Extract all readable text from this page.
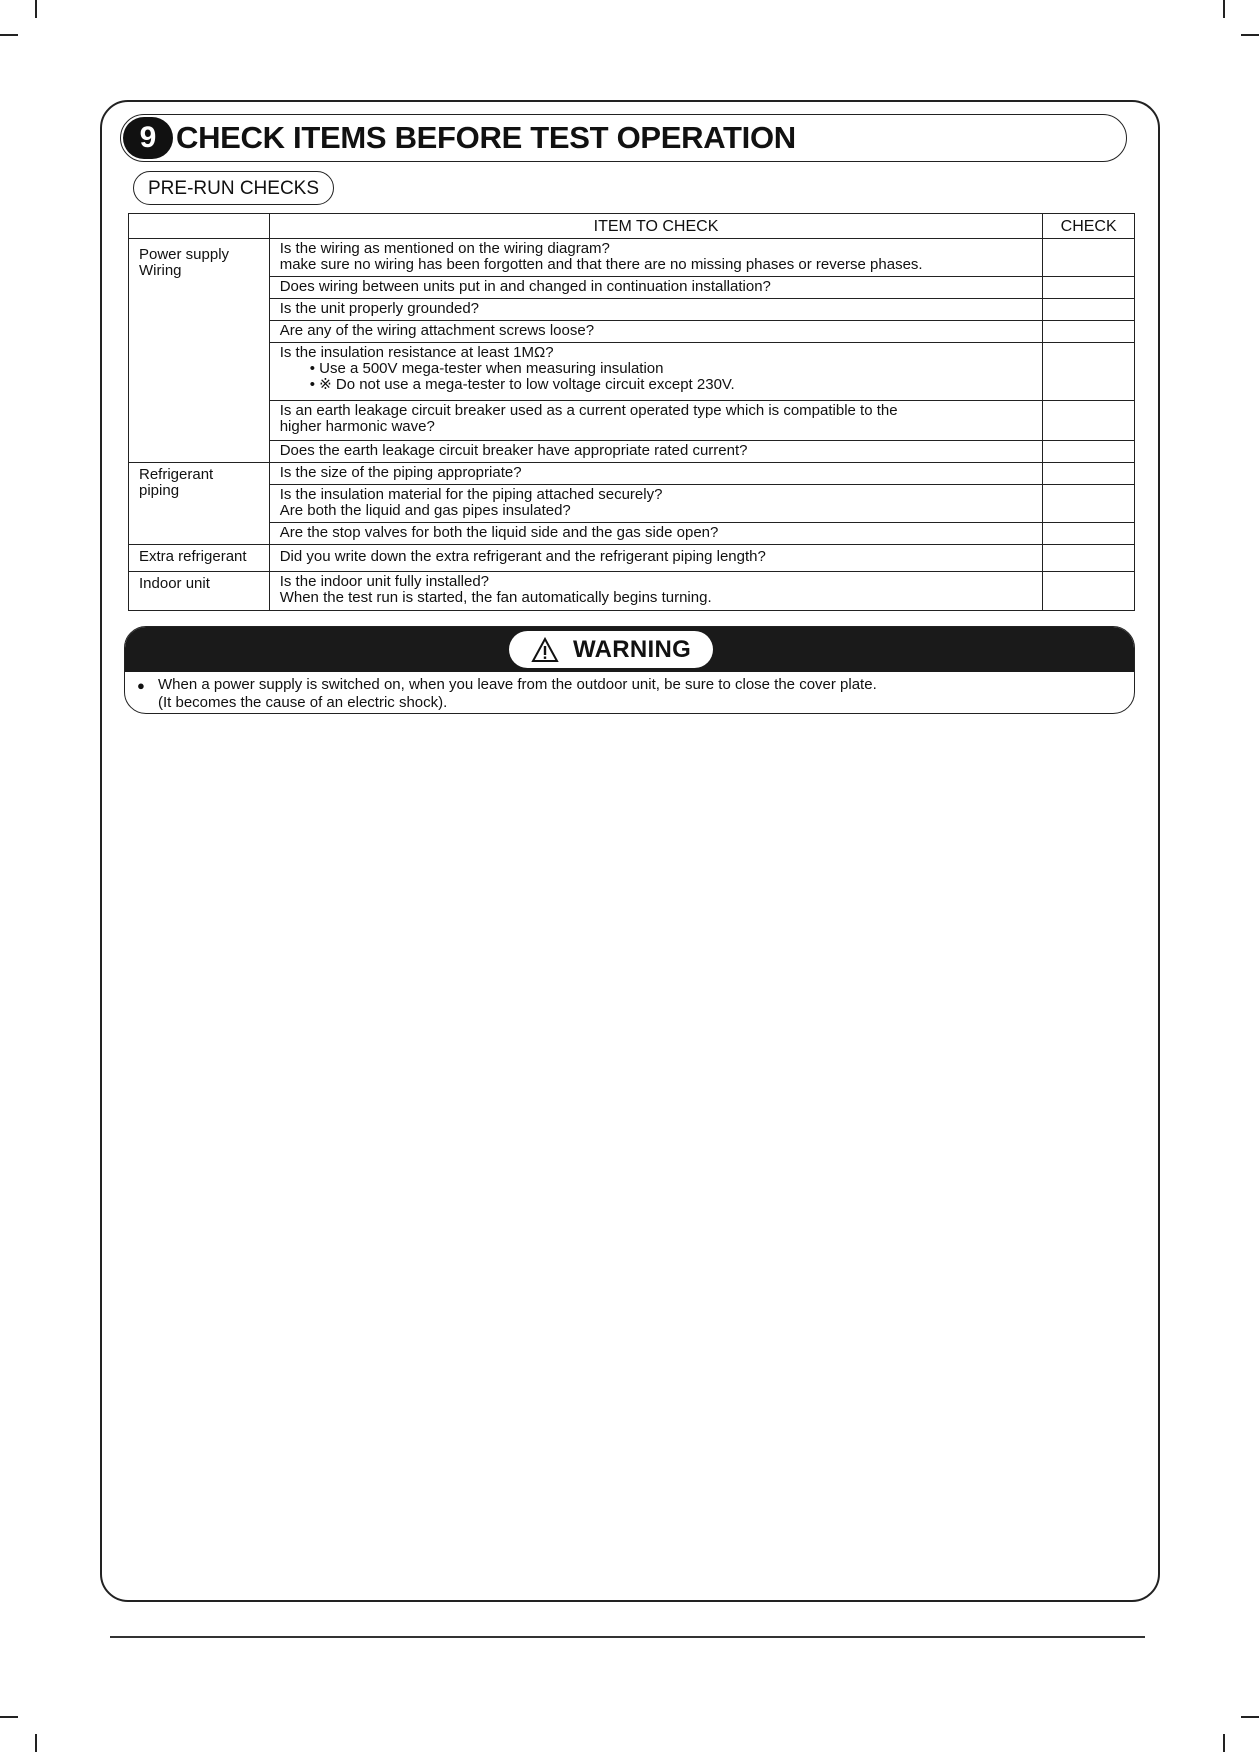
9 CHECK ITEMS BEFORE TEST OPERATION
PRE-RUN CHECKS
	ITEM TO CHECK	CHECK

Power supply
Wiring	Is the wiring as mentioned on the wiring diagram?
make sure no wiring has been forgotten and that there are no missing phases or reverse phases.	

	Does wiring between units put in and changed in continuation installation?	

	Is the unit properly grounded?	

	Are any of the wiring attachment screws loose?	

	Is the insulation resistance at least 1MΩ?
• Use a 500V mega-tester when measuring insulation
• ※ Do not use a mega-tester to low voltage circuit except 230V.	

	Is an earth leakage circuit breaker used as a current operated type which is compatible to the
higher harmonic wave?	

	Does the earth leakage circuit breaker have appropriate rated current?	

Refrigerant
piping	Is the size of the piping appropriate?	

	Is the insulation material for the piping attached securely?
Are both the liquid and gas pipes insulated?	

	Are the stop valves for both the liquid side and the gas side open?	

Extra refrigerant	Did you write down the extra refrigerant and the refrigerant piping length?	

Indoor unit	Is the indoor unit fully installed?
When the test run is started, the fan automatically begins turning.	

WARNING
● When a power supply is switched on, when you leave from the outdoor unit, be sure to close the cover plate.
(It becomes the cause of an electric shock).
